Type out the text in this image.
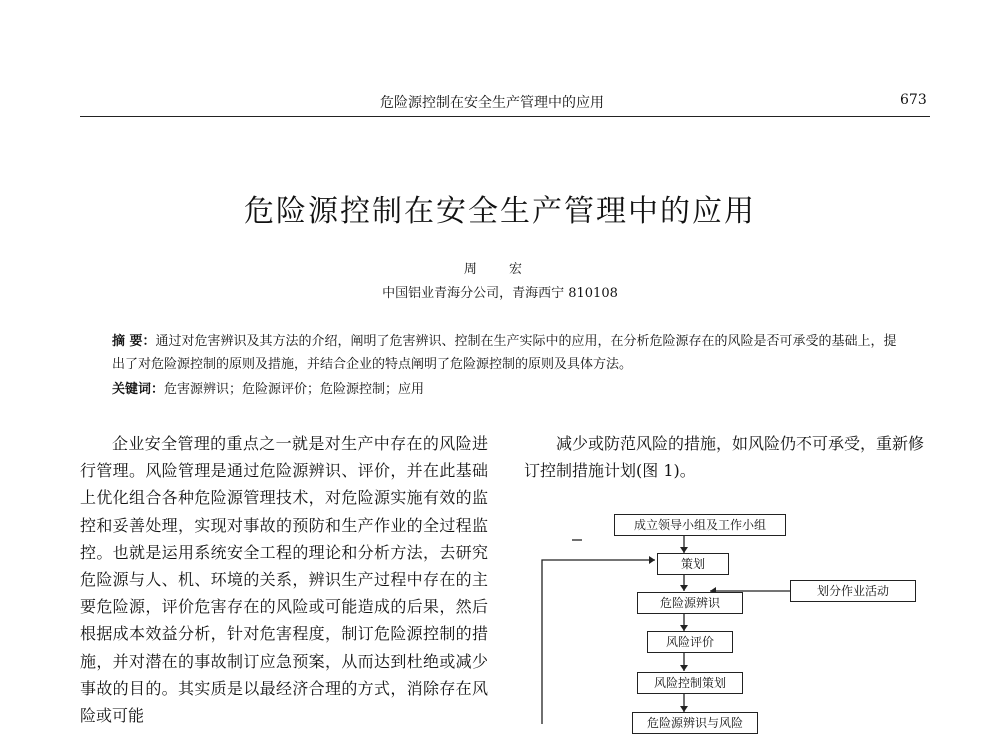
危险源控制在安全生产管理中的应用	673
危险源控制在安全生产管理中的应用
周 宏
中国铝业青海分公司，青海西宁 810108
摘 要：通过对危害辨识及其方法的介绍，阐明了危害辨识、控制在生产实际中的应用，在分析危险源存在的风险是否可承受的基础上，提出了对危险源控制的原则及措施，并结合企业的特点阐明了危险源控制的原则及具体方法。
关键词：危害源辨识；危险源评价；危险源控制；应用
企业安全管理的重点之一就是对生产中存在的风险进行管理。风险管理是通过危险源辨识、评价，并在此基础上优化组合各种危险源管理技术，对危险源实施有效的监控和妥善处理，实现对事故的预防和生产作业的全过程监控。也就是运用系统安全工程的理论和分析方法，去研究危险源与人、机、环境的关系，辨识生产过程中存在的主要危险源，评价危害存在的风险或可能造成的后果，然后根据成本效益分析，针对危害程度，制订危险源控制的措施，并对潜在的事故制订应急预案，从而达到杜绝或减少事故的目的。其实质是以最经济合理的方式，消除存在风险或可能
减少或防范风险的措施，如风险仍不可承受，重新修订控制措施计划(图 1)。
成立领导小组及工作小组
策划
危险源辨识
风险评价
风险控制策划
危险源辨识与风险
划分作业活动
